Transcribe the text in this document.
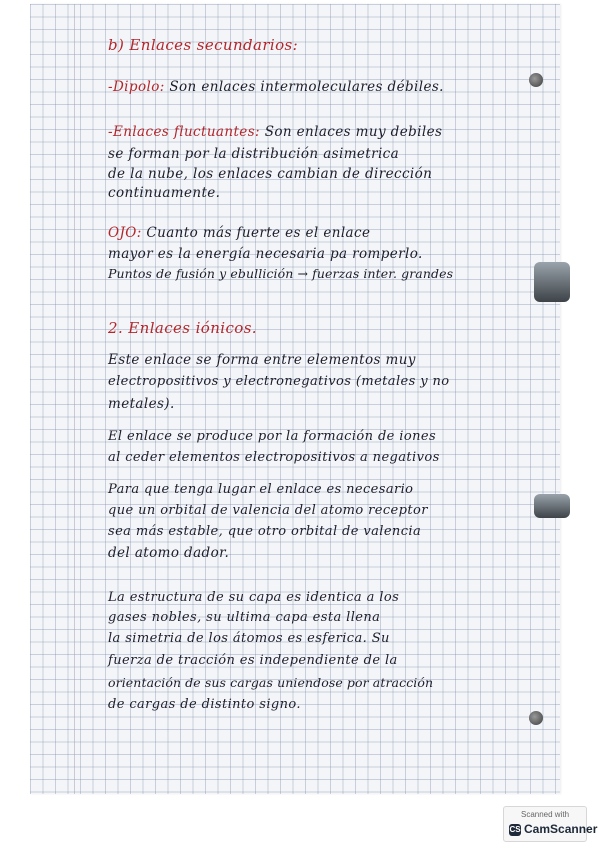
b) Enlaces secundarios:
-Dipolo: Son enlaces intermoleculares débiles.
-Enlaces fluctuantes: Son enlaces muy debiles
se forman por la distribución asimetrica
de la nube, los enlaces cambian de dirección
continuamente.
OJO: Cuanto más fuerte es el enlace
mayor es la energía necesaria pa romperlo.
Puntos de fusión y ebullición → fuerzas inter. grandes
2. Enlaces iónicos.
Este enlace se forma entre elementos muy
electropositivos y electronegativos (metales y no
metales).
El enlace se produce por la formación de iones
al ceder elementos electropositivos a negativos
Para que tenga lugar el enlace es necesario
que un orbital de valencia del atomo receptor
sea más estable, que otro orbital de valencia
del atomo dador.
La estructura de su capa es identica a los
gases nobles, su ultima capa esta llena
la simetria de los átomos es esferica. Su
fuerza de tracción es independiente de la
orientación de sus cargas uniendose por atracción
de cargas de distinto signo.
Scanned with
CS CamScanner
